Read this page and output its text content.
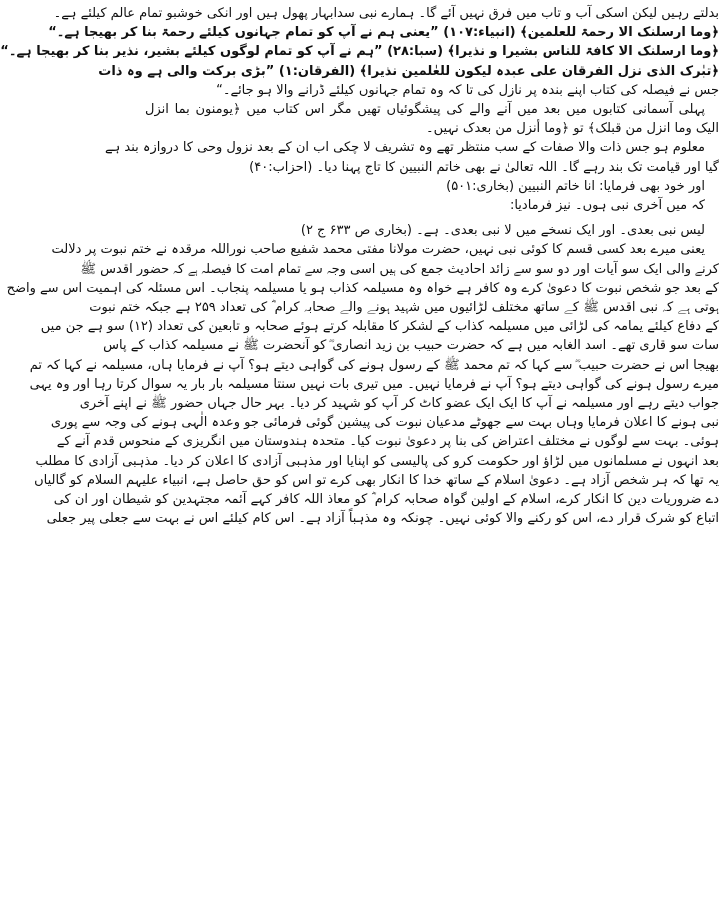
بدلتے رہیں لیکن اسکی آب و تاب میں فرق نہیں آئے گا۔ ہمارے نبی سدابہار پھول ہیں اور انکی خوشبو تمام عالم کیلئے ہے۔
﴿وما ارسلنک الا رحمۃ للعلمین﴾ (انبیاء:۱۰۷) ”یعنی ہم نے آپ کو تمام جہانوں کیلئے رحمۃ بنا کر بھیجا ہے۔“
﴿وما ارسلنک الا کافۃ للناس بشیرا و نذیرا﴾ (سبا:۲۸) ”ہم نے آپ کو تمام لوگوں کیلئے بشیر، نذیر بنا کر بھیجا ہے۔“
﴿تبٰرک الذی نزل الفرقان علی عبدہ لیکون للعٰلمین نذیرا﴾ (الفرقان:۱) ”بڑی برکت والی ہے وہ ذات
جس نے فیصلہ کی کتاب اپنے بندہ پر نازل کی تا کہ وہ تمام جہانوں کیلئے ڈرانے والا ہو جائے۔“
پہلی آسمانی کتابوں میں بعد میں آنے والے کی پیشگوئیاں تھیں مگر اس کتاب میں ﴿یومنون بما انزل
الیک وما انزل من قبلک﴾ تو ﴿وما أنزل من بعدک نہیں۔
معلوم ہو جس ذات والا صفات کے سب منتظر تھے وہ تشریف لا چکی اب ان کے بعد نزول وحی کا دروازہ بند ہے
گیا اور قیامت تک بند رہے گا۔ اللہ تعالیٰ نے بھی خاتم النبیین کا تاج پہنا دیا۔ (احزاب:۴۰)
اور خود بھی فرمایا: انا خاتم النبیین (بخاری:۵۰۱)
کہ میں آخری نبی ہوں۔ نیز فرمادیا:
لیس نبی بعدی۔ اور ایک نسخے میں لا نبی بعدی۔ ہے۔ (بخاری ص ۶۳۳ ج ۲)
یعنی میرے بعد کسی قسم کا کوئی نبی نہیں، حضرت مولانا مفتی محمد شفیع صاحب نوراللہ مرقدہ نے ختم نبوت پر دلالت
کرنے والی ایک سو آیات اور دو سو سے زائد احادیث جمع کی ہیں اسی وجہ سے تمام امت کا فیصلہ ہے کہ حضور اقدس ﷺ
کے بعد جو شخص نبوت کا دعویٰ کرے وہ کافر ہے خواہ وہ مسیلمہ کذاب ہو یا مسیلمہ پنجاب۔ اس مسئلہ کی اہمیت اس سے واضح
ہوتی ہے کہ نبی اقدس ﷺ کے ساتھ مختلف لڑائیوں میں شہید ہونے والے صحابہ کرام ؓ کی تعداد ۲۵۹ ہے جبکہ ختم نبوت
کے دفاع کیلئے یمامہ کی لڑائی میں مسیلمہ کذاب کے لشکر کا مقابلہ کرتے ہوئے صحابہ و تابعین کی تعداد (۱۲) سو ہے جن میں
سات سو قاری تھے۔ اسد الغابہ میں ہے کہ حضرت حبیب بن زید انصاری ؓ کو آنحضرت ﷺ نے مسیلمہ کذاب کے پاس
بھیجا اس نے حضرت حبیب ؓ سے کہا کہ تم محمد ﷺ کے رسول ہونے کی گواہی دیتے ہو؟ آپ نے فرمایا ہاں، مسیلمہ نے کہا کہ تم
میرے رسول ہونے کی گواہی دیتے ہو؟ آپ نے فرمایا نہیں۔ میں تیری بات نہیں سنتا مسیلمہ بار بار یہ سوال کرتا رہا اور وہ یہی
جواب دیتے رہے اور مسیلمہ نے آپ کا ایک ایک عضو کاٹ کر آپ کو شہید کر دیا۔ بہر حال جہاں حضور ﷺ نے اپنے آخری
نبی ہونے کا اعلان فرمایا وہاں بہت سے جھوٹے مدعیان نبوت کی پیشین گوئی فرمائی جو وعدہ الٰہی ہونے کی وجہ سے پوری
ہوئی۔ بہت سے لوگوں نے مختلف اعتراض کی بنا پر دعویٰ نبوت کیا۔ متحدہ ہندوستان میں انگریزی کے منحوس قدم آنے کے
بعد انہوں نے مسلمانوں میں لڑاؤ اور حکومت کرو کی پالیسی کو اپنایا اور مذہبی آزادی کا اعلان کر دیا۔ مذہبی آزادی کا مطلب
یہ تھا کہ ہر شخص آزاد ہے۔ دعویٰ اسلام کے ساتھ خدا کا انکار بھی کرے تو اس کو حق حاصل ہے، انبیاء علیہم السلام کو گالیاں
دے ضروریات دین کا انکار کرے، اسلام کے اولین گواہ صحابہ کرام ؓ کو معاذ اللہ کافر کہے آئمہ مجتہدین کو شیطان اور ان کی
اتباع کو شرک قرار دے، اس کو رکنے والا کوئی نہیں۔ چونکہ وہ مذہباً آزاد ہے۔ اس کام کیلئے اس نے بہت سے جعلی پیر جعلی
